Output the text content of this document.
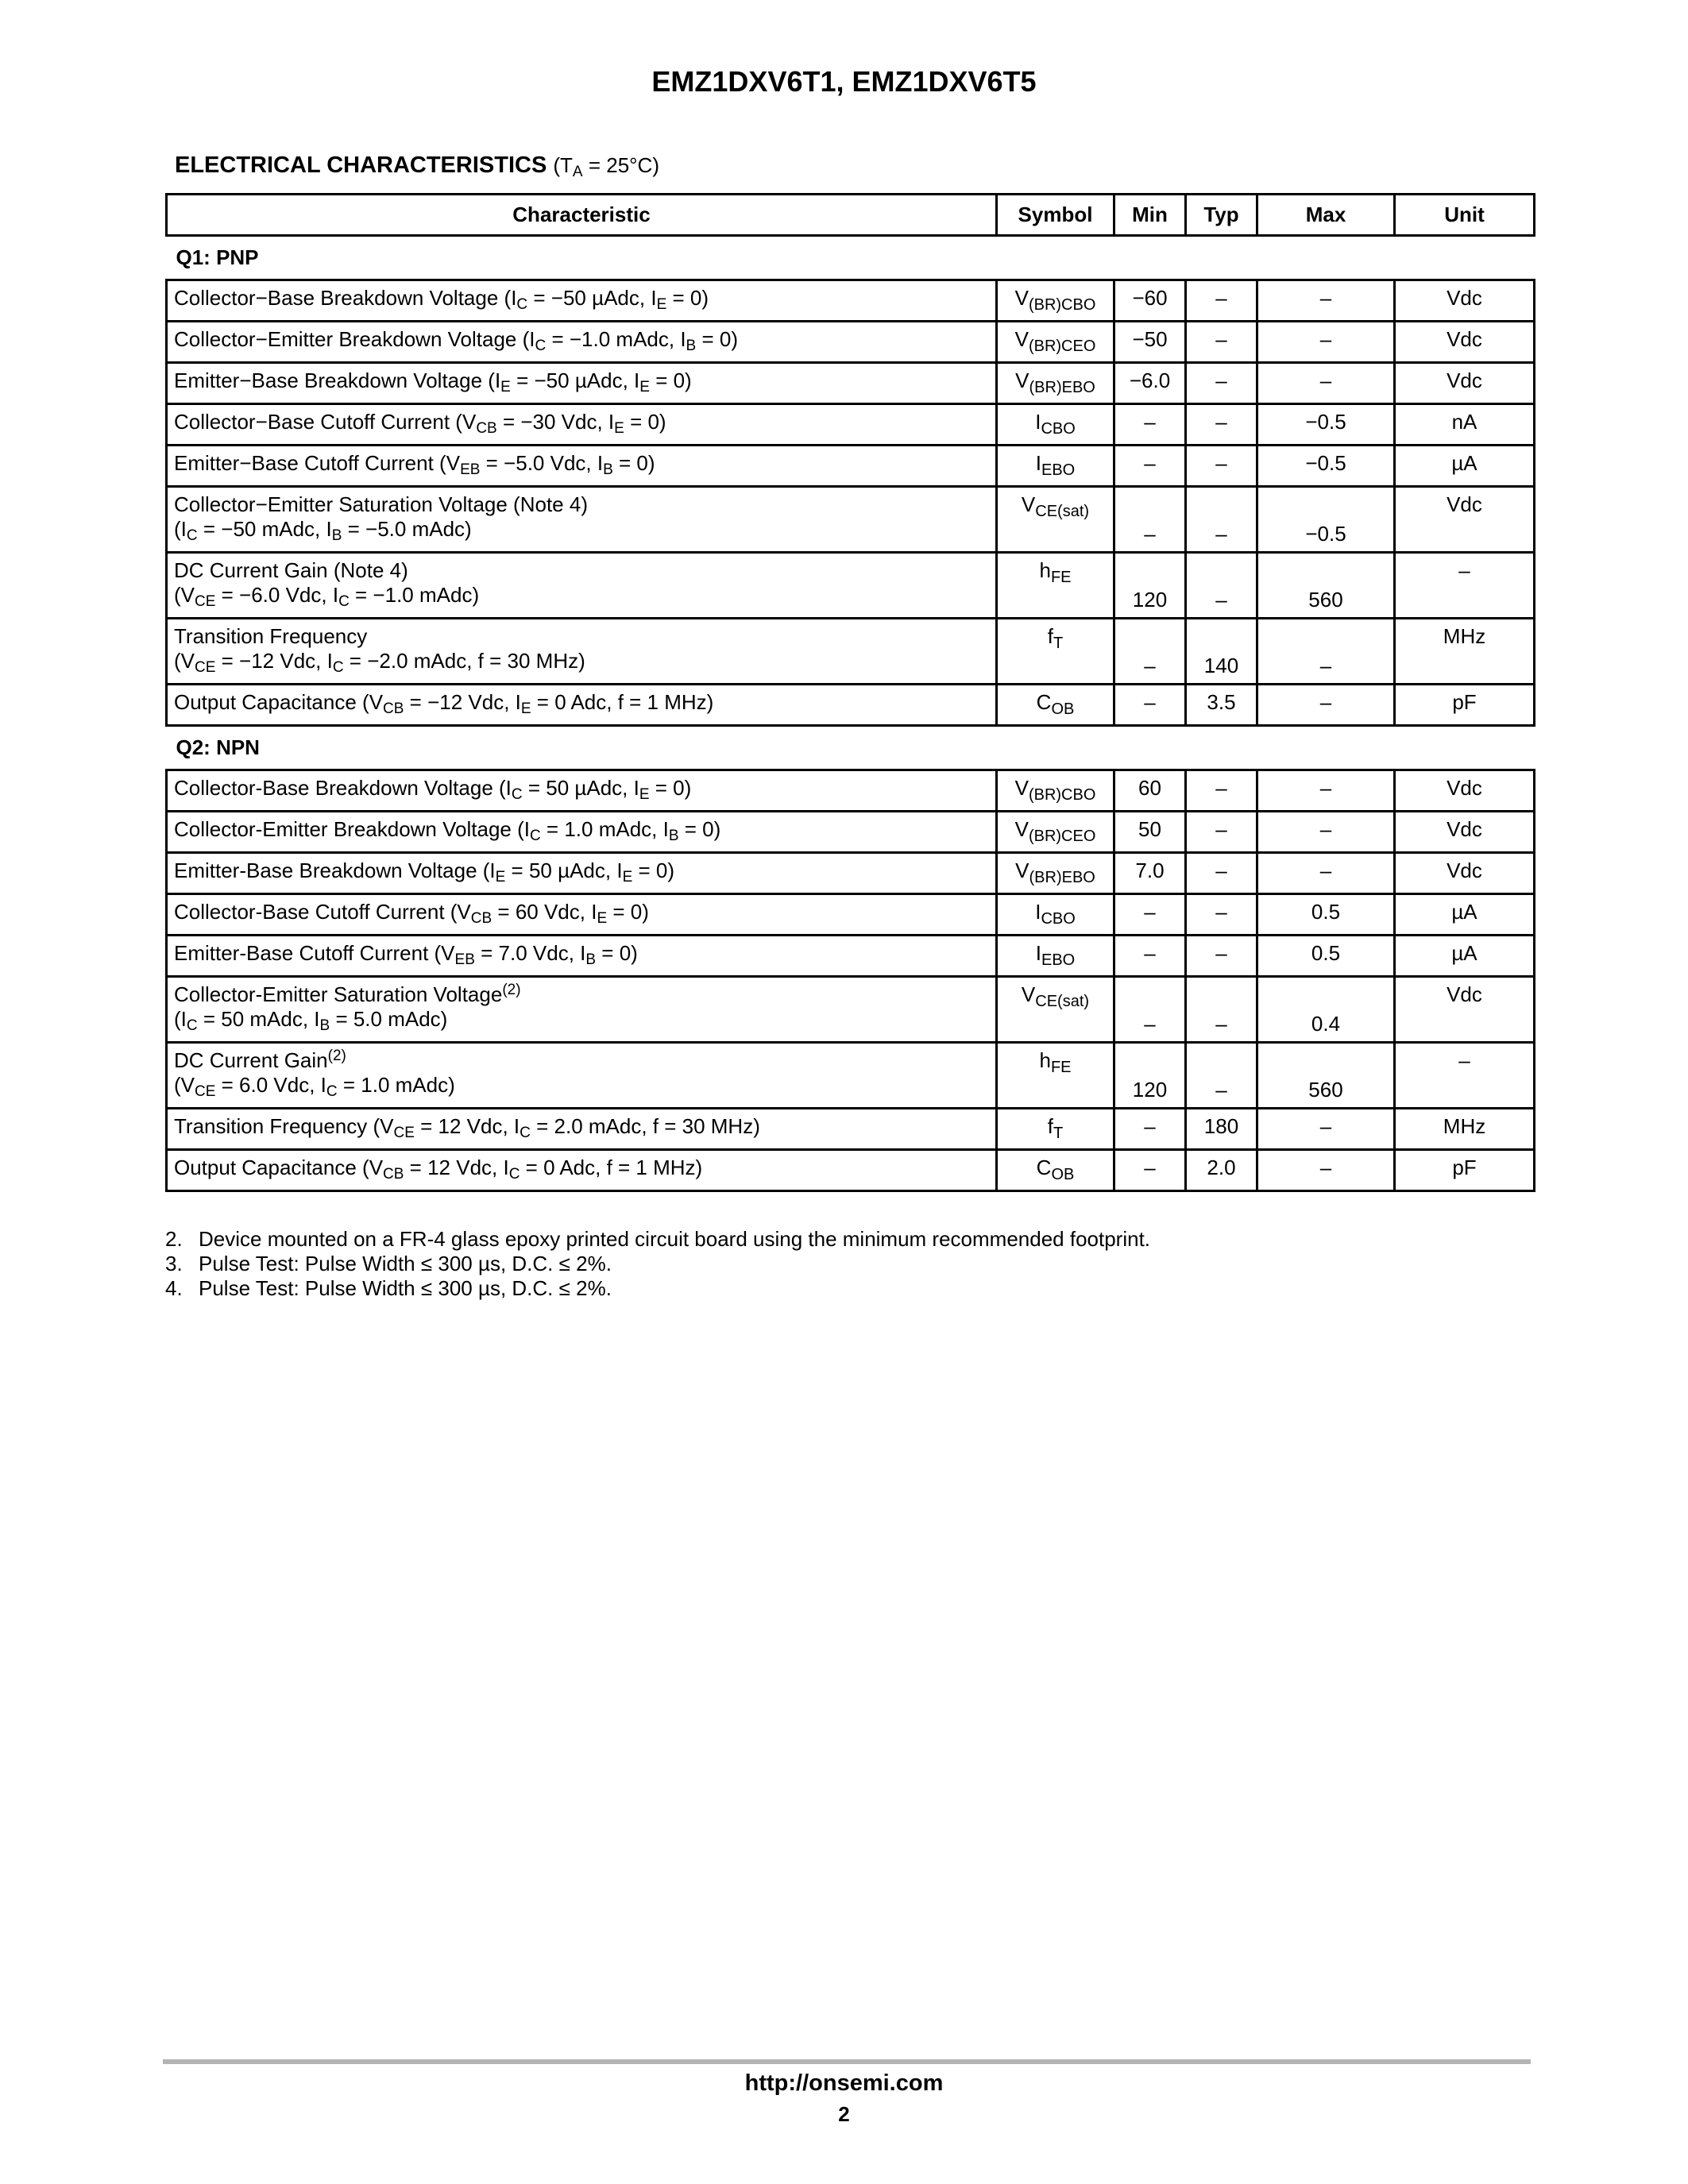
EMZ1DXV6T1, EMZ1DXV6T5
ELECTRICAL CHARACTERISTICS $(T_A = 25^\circ C)$
Characteristic	Symbol	Min	Typ	Max	Unit
Q1: PNP					

Collector−Base Breakdown Voltage ($I_C = -50$ µAdc, $I_E = 0$)	$V_{(BR)CBO}$	−60	–	–	Vdc

Collector−Emitter Breakdown Voltage ($I_C = -1.0$ mAdc, $I_B = 0$)	$V_{(BR)CEO}$	−50	–	–	Vdc

Emitter−Base Breakdown Voltage ($I_E = -50$ µAdc, $I_E = 0$)	$V_{(BR)EBO}$	−6.0	–	–	Vdc

Collector−Base Cutoff Current ($V_{CB} = -30$ Vdc, $I_E = 0$)	$I_{CBO}$	–	–	−0.5	nA

Emitter−Base Cutoff Current ($V_{EB} = -5.0$ Vdc, $I_B = 0$)	$I_{EBO}$	–	–	−0.5	µA

Collector−Emitter Saturation Voltage (Note 4)
($I_C = -50$ mAdc, $I_B = -5.0$ mAdc)	$V_{CE(sat)}$	–	–	−0.5	Vdc

DC Current Gain (Note 4)
($V_{CE} = -6.0$ Vdc, $I_C = -1.0$ mAdc)	$h_{FE}$	120	–	560	–

Transition Frequency
($V_{CE} = -12$ Vdc, $I_C = -2.0$ mAdc, f = 30 MHz)	$f_T$	–	140	–	MHz

Output Capacitance ($V_{CB} = -12$ Vdc, $I_E = 0$ Adc, f = 1 MHz)	$C_{OB}$	–	3.5	–	pF
Q2: NPN					

Collector-Base Breakdown Voltage ($I_C = 50$ µAdc, $I_E = 0$)	$V_{(BR)CBO}$	60	–	–	Vdc

Collector-Emitter Breakdown Voltage ($I_C = 1.0$ mAdc, $I_B = 0$)	$V_{(BR)CEO}$	50	–	–	Vdc

Emitter-Base Breakdown Voltage ($I_E = 50$ µAdc, $I_E = 0$)	$V_{(BR)EBO}$	7.0	–	–	Vdc

Collector-Base Cutoff Current ($V_{CB} = 60$ Vdc, $I_E = 0$)	$I_{CBO}$	–	–	0.5	µA

Emitter-Base Cutoff Current ($V_{EB} = 7.0$ Vdc, $I_B = 0$)	$I_{EBO}$	–	–	0.5	µA

Collector-Emitter Saturation Voltage$^{(2)}$
($I_C = 50$ mAdc, $I_B = 5.0$ mAdc)	$V_{CE(sat)}$	–	–	0.4	Vdc

DC Current Gain$^{(2)}$
($V_{CE} = 6.0$ Vdc, $I_C = 1.0$ mAdc)	$h_{FE}$	120	–	560	–

Transition Frequency ($V_{CE} = 12$ Vdc, $I_C = 2.0$ mAdc, f = 30 MHz)	$f_T$	–	180	–	MHz

Output Capacitance ($V_{CB} = 12$ Vdc, $I_C = 0$ Adc, f = 1 MHz)	$C_{OB}$	–	2.0	–	pF
2. Device mounted on a FR-4 glass epoxy printed circuit board using the minimum recommended footprint.
3. Pulse Test: Pulse Width ≤ 300 µs, D.C. ≤ 2%.
4. Pulse Test: Pulse Width ≤ 300 µs, D.C. ≤ 2%.
http://onsemi.com
2
